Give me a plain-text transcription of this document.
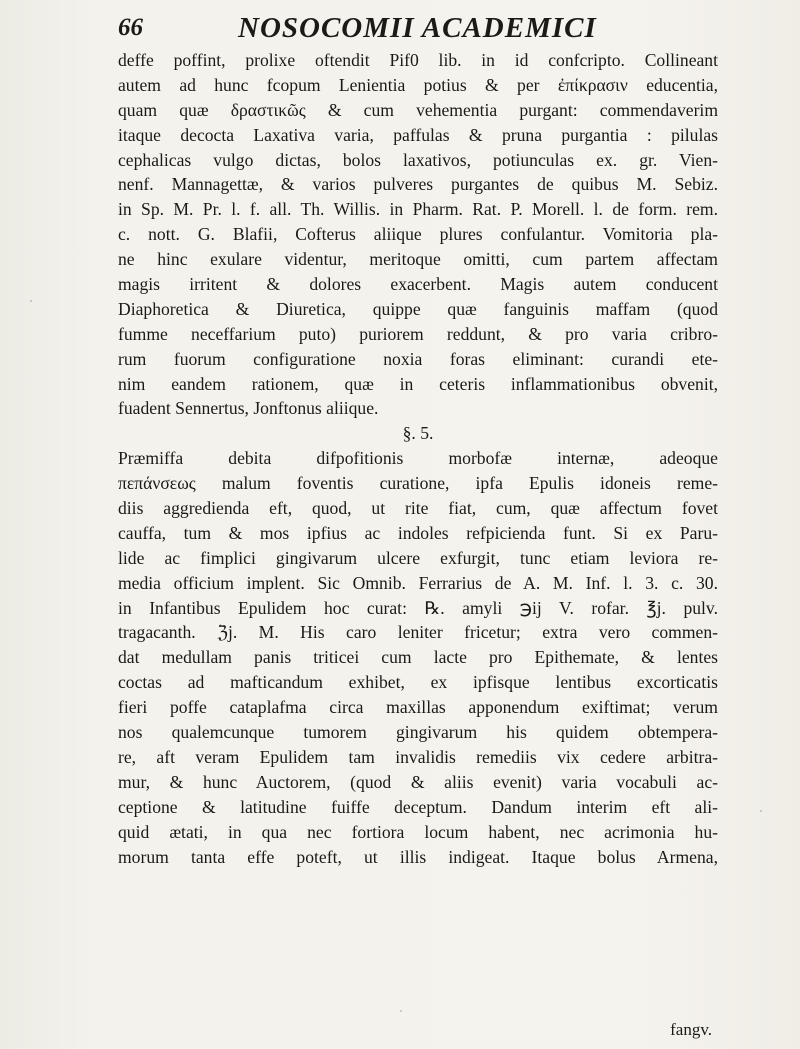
66	NOSOCOMII ACADEMICI
deffe poffint, prolixe oftendit Pif0 lib. in id confcripto. Collineant
autem ad hunc fcopum Lenientia potius & per ἐπίκρασιν educentia,
quam quæ δραστικῶς & cum vehementia purgant: commendaverim
itaque decocta Laxativa varia, paffulas & pruna purgantia : pilulas
cephalicas vulgo dictas, bolos laxativos, potiunculas ex. gr. Vien-
nenf. Mannagettæ, & varios pulveres purgantes de quibus M. Sebiz.
in Sp. M. Pr. l. f. all. Th. Willis. in Pharm. Rat. P. Morell. l. de form. rem.
c. nott. G. Blafii, Cofterus aliique plures confulantur. Vomitoria pla-
ne hinc exulare videntur, meritoque omitti, cum partem affectam
magis irritent & dolores exacerbent. Magis autem conducent
Diaphoretica & Diuretica, quippe quæ fanguinis maffam (quod
fumme neceffarium puto) puriorem reddunt, & pro varia cribro-
rum fuorum configuratione noxia foras eliminant: curandi ete-
nim eandem rationem, quæ in ceteris inflammationibus obvenit,
fuadent Sennertus, Jonftonus aliique.
§. 5.
Præmiffa debita difpofitionis morbofæ internæ, adeoque
πεπάνσεως malum foventis curatione, ipfa Epulis idoneis reme-
diis aggredienda eft, quod, ut rite fiat, cum, quæ affectum fovet
cauffa, tum & mos ipfius ac indoles refpicienda funt. Si ex Paru-
lide ac fimplici gingivarum ulcere exfurgit, tunc etiam leviora re-
media officium implent. Sic Omnib. Ferrarius de A. M. Inf. l. 3. c. 30.
in Infantibus Epulidem hoc curat: ℞. amyli ℈ij V. rofar. ℥j. pulv.
tragacanth. ℨj. M. His caro leniter fricetur; extra vero commen-
dat medullam panis triticei cum lacte pro Epithemate, & lentes
coctas ad mafticandum exhibet, ex ipfisque lentibus excorticatis
fieri poffe cataplafma circa maxillas apponendum exiftimat; verum
nos qualemcunque tumorem gingivarum his quidem obtempera-
re, aft veram Epulidem tam invalidis remediis vix cedere arbitra-
mur, & hunc Auctorem, (quod & aliis evenit) varia vocabuli ac-
ceptione & latitudine fuiffe deceptum. Dandum interim eft ali-
quid ætati, in qua nec fortiora locum habent, nec acrimonia hu-
morum tanta effe poteft, ut illis indigeat. Itaque bolus Armena,
fangv.
